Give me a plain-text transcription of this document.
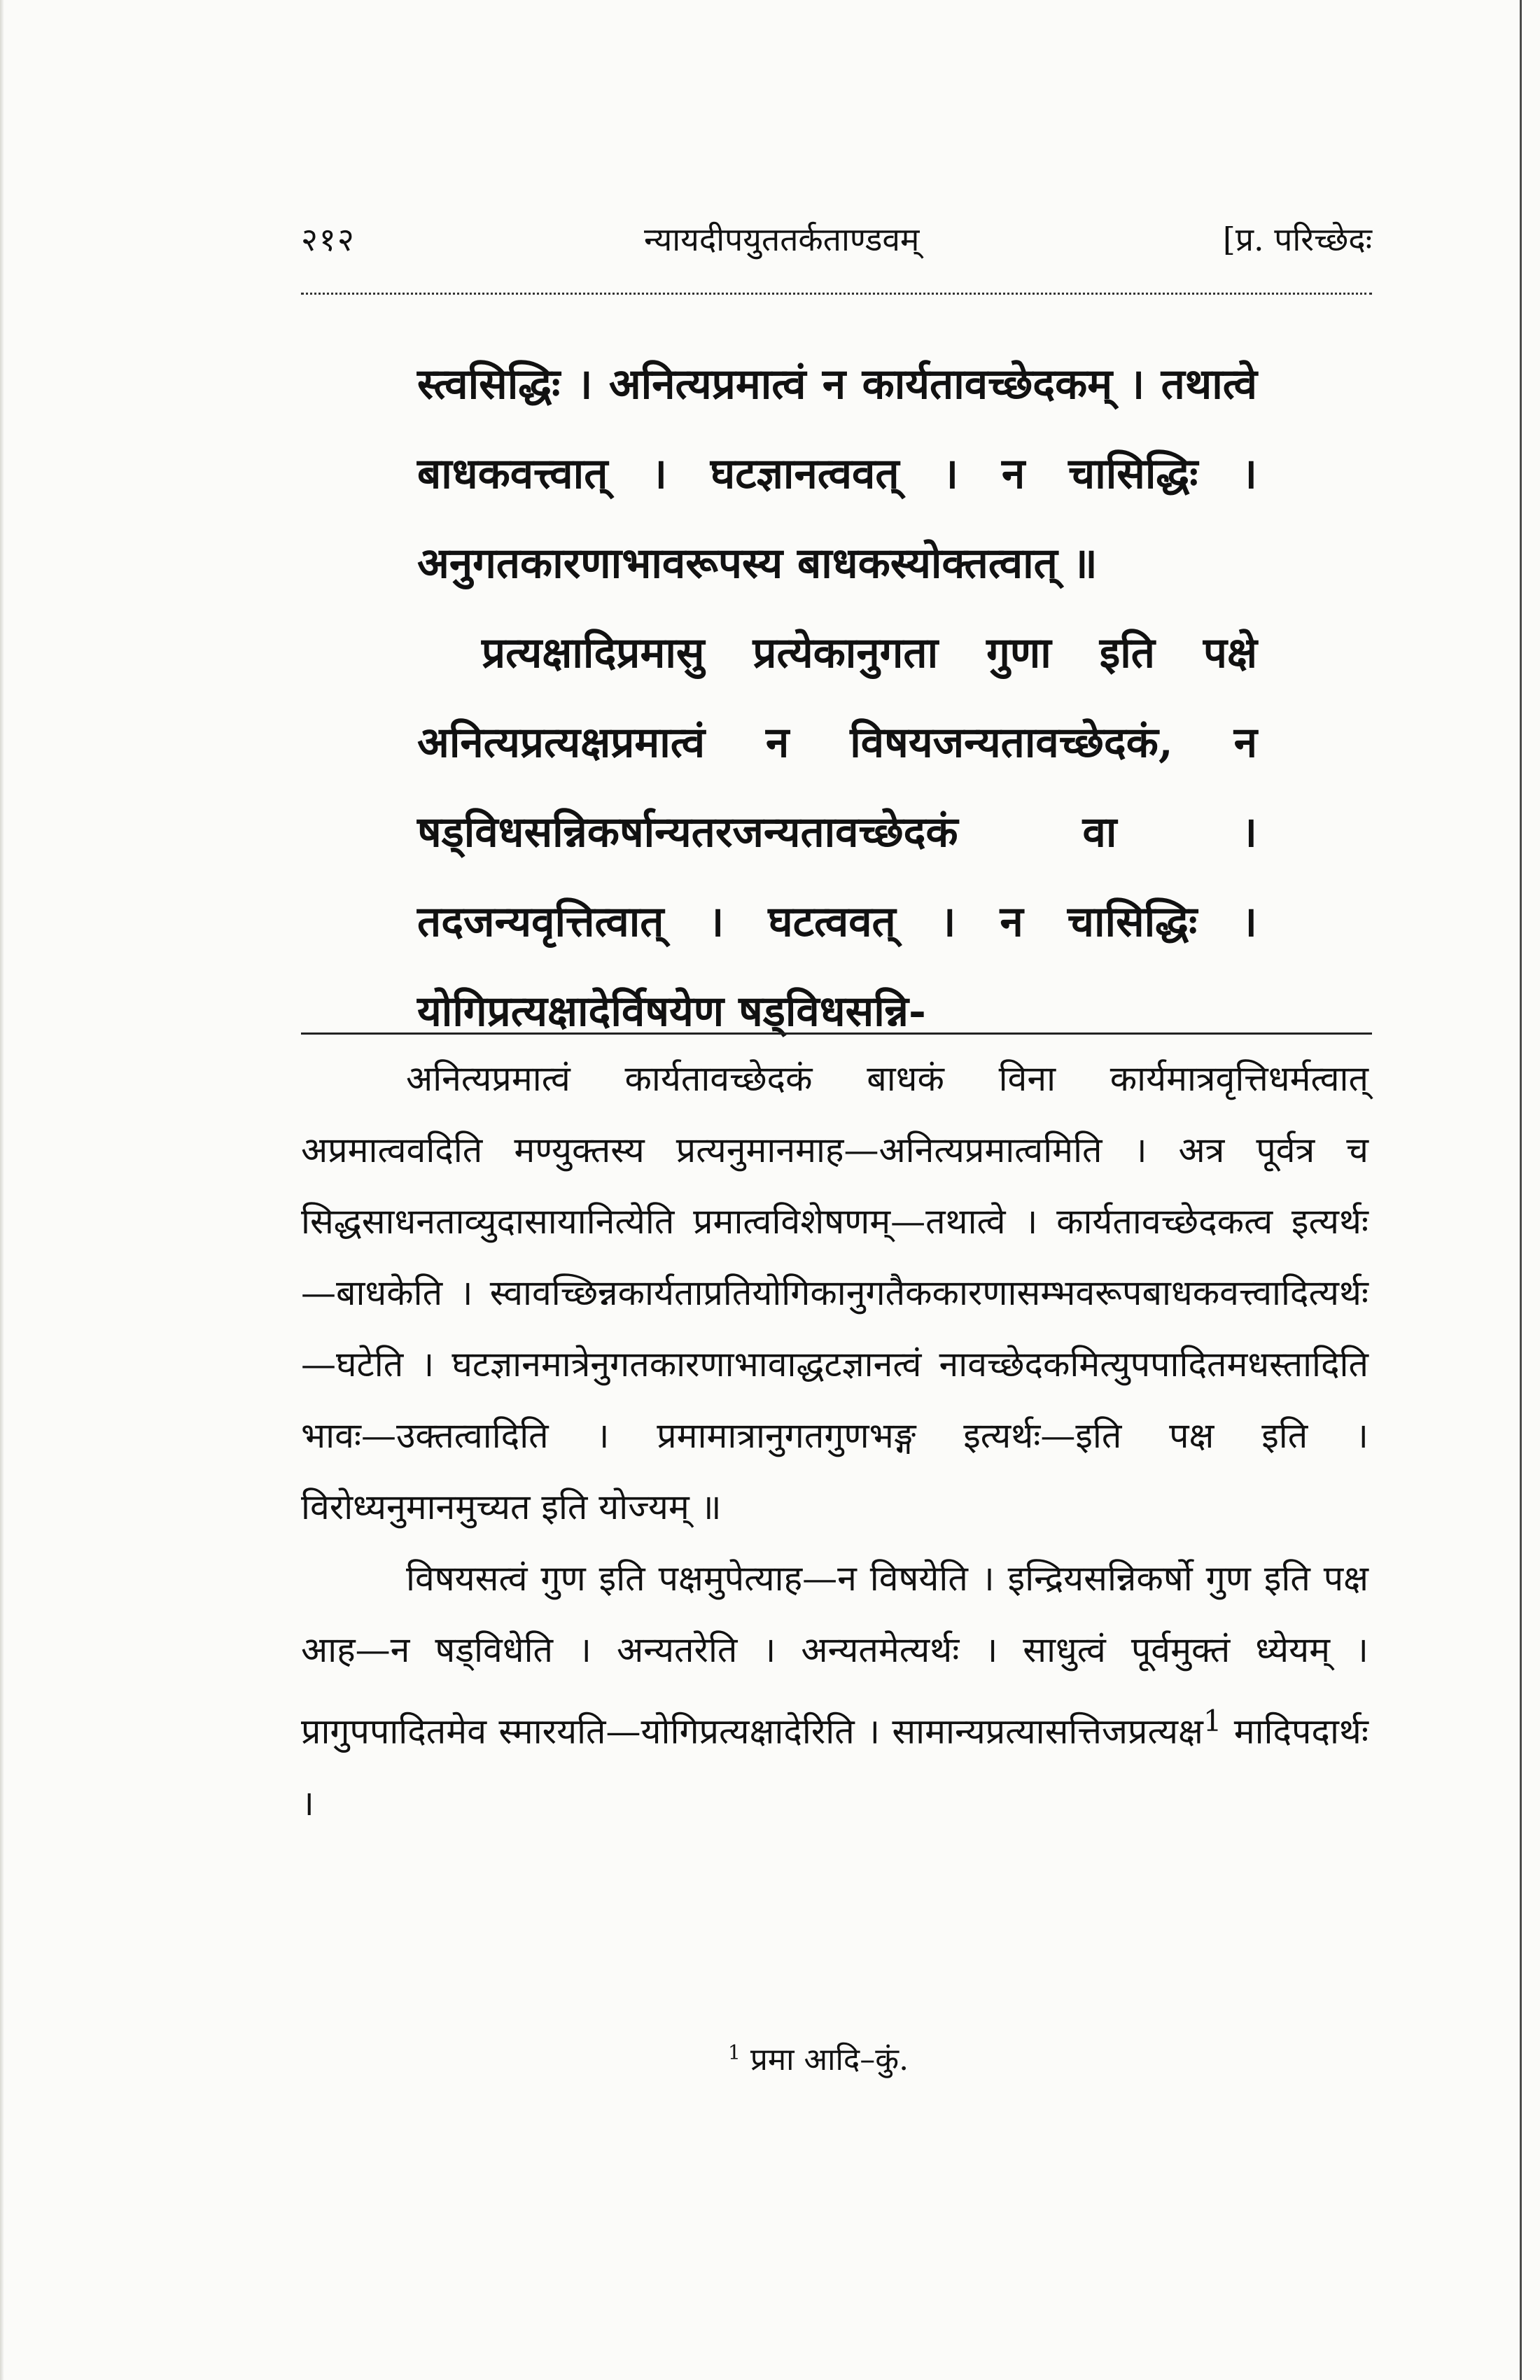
२१२	न्यायदीपयुततर्कताण्डवम्	[प्र. परिच्छेदः

स्त्वसिद्धिः । अनित्यप्रमात्वं न कार्यतावच्छेदकम् । तथात्वे बाधकवत्त्वात् । घटज्ञानत्ववत् । न चासिद्धिः । अनुगतकारणाभावरूपस्य बाधकस्योक्तत्वात् ॥

प्रत्यक्षादिप्रमासु प्रत्येकानुगता गुणा इति पक्षे अनित्यप्रत्यक्षप्रमात्वं न विषयजन्यतावच्छेदकं, न षड्विधसन्निकर्षान्यतरजन्यतावच्छेदकं वा । तदजन्यवृत्तित्वात् । घटत्ववत् । न चासिद्धिः । योगिप्रत्यक्षादेर्विषयेण षड्विधसन्नि-

अनित्यप्रमात्वं कार्यतावच्छेदकं बाधकं विना कार्यमात्रवृत्तिधर्मत्वात् अप्रमात्ववदिति मण्युक्तस्य प्रत्यनुमानमाह—अनित्यप्रमात्वमिति । अत्र पूर्वत्र च सिद्धसाधनताव्युदासायानित्येति प्रमात्वविशेषणम्—तथात्वे । कार्यतावच्छेदकत्व इत्यर्थः—बाधकेति । स्वावच्छिन्नकार्यताप्रतियोगिकानुगतैककारणासम्भवरूपबाधकवत्त्वादित्यर्थः—घटेति । घटज्ञानमात्रेनुगतकारणाभावाद्धटज्ञानत्वं नावच्छेदकमित्युपपादितमधस्तादिति भावः—उक्तत्वादिति । प्रमामात्रानुगतगुणभङ्ग इत्यर्थः—इति पक्ष इति । विरोध्यनुमानमुच्यत इति योज्यम् ॥

विषयसत्वं गुण इति पक्षमुपेत्याह—न विषयेति । इन्द्रियसन्निकर्षो गुण इति पक्ष आह—न षड्विधेति । अन्यतरेति । अन्यतमेत्यर्थः । साधुत्वं पूर्वमुक्तं ध्येयम् । प्रागुपपादितमेव स्मारयति—योगिप्रत्यक्षादेरिति । सामान्यप्रत्यासत्तिजप्रत्यक्ष$^1$ मादिपदार्थः ।

$^1$ प्रमा आदि–कुं.
